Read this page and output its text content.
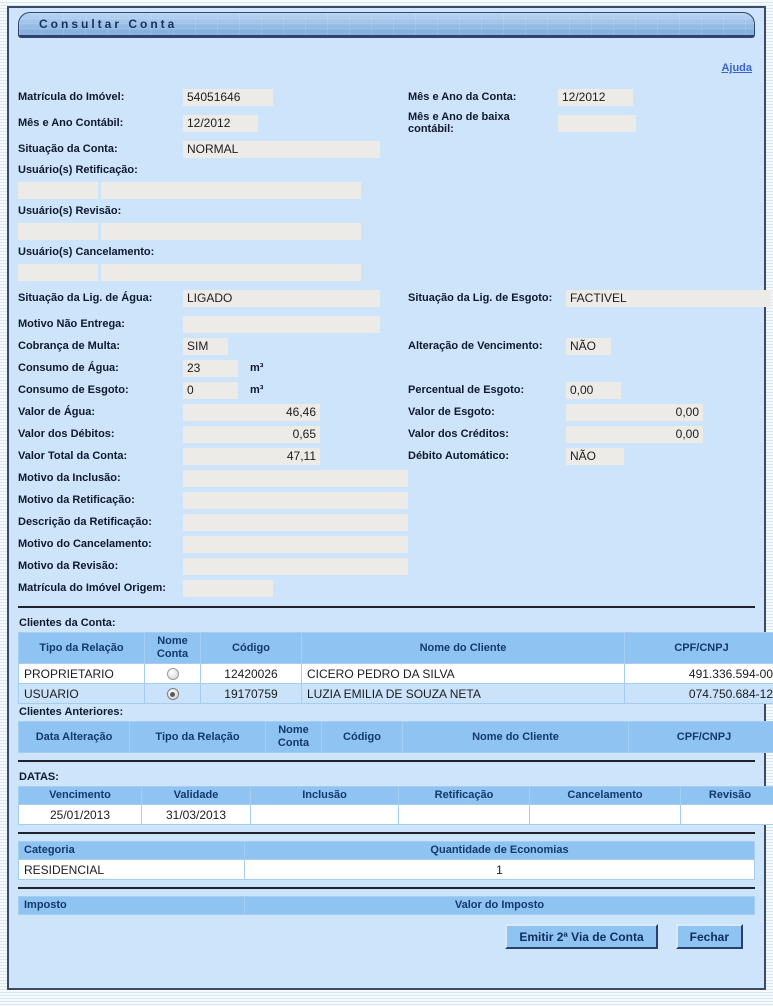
Consultar Conta
Ajuda
Matrícula do Imóvel:	54051646	Mês e Ano da Conta:	12/2012
Mês e Ano Contábil:	12/2012	Mês e Ano de baixa contábil:
Situação da Conta:	NORMAL
Usuário(s) Retificação:
Usuário(s) Revisão:
Usuário(s) Cancelamento:
Situação da Lig. de Água:	LIGADO	Situação da Lig. de Esgoto:	FACTIVEL
Motivo Não Entrega:
Cobrança de Multa:	SIM	Alteração de Vencimento:	NÃO
Consumo de Água:	23	m³
Consumo de Esgoto:	0	m³	Percentual de Esgoto:	0,00
Valor de Água:	46,46	Valor de Esgoto:	0,00
Valor dos Débitos:	0,65	Valor dos Créditos:	0,00
Valor Total da Conta:	47,11	Débito Automático:	NÃO
Motivo da Inclusão:
Motivo da Retificação:
Descrição da Retificação:
Motivo do Cancelamento:
Motivo da Revisão:
Matrícula do Imóvel Origem:
Clientes da Conta:
Tipo da Relação	Nome Conta	Código	Nome do Cliente	CPF/CNPJ
PROPRIETARIO		12420026	CICERO PEDRO DA SILVA	491.336.594-00
USUARIO		19170759	LUZIA EMILIA DE SOUZA NETA	074.750.684-12
Clientes Anteriores:
Data Alteração	Tipo da Relação	Nome Conta	Código	Nome do Cliente	CPF/CNPJ
DATAS:
Vencimento	Validade	Inclusão	Retificação	Cancelamento	Revisão
25/01/2013	31/03/2013				
Categoria	Quantidade de Economias
RESIDENCIAL	1
Imposto	Valor do Imposto
Emitir 2ª Via de Conta	Fechar
